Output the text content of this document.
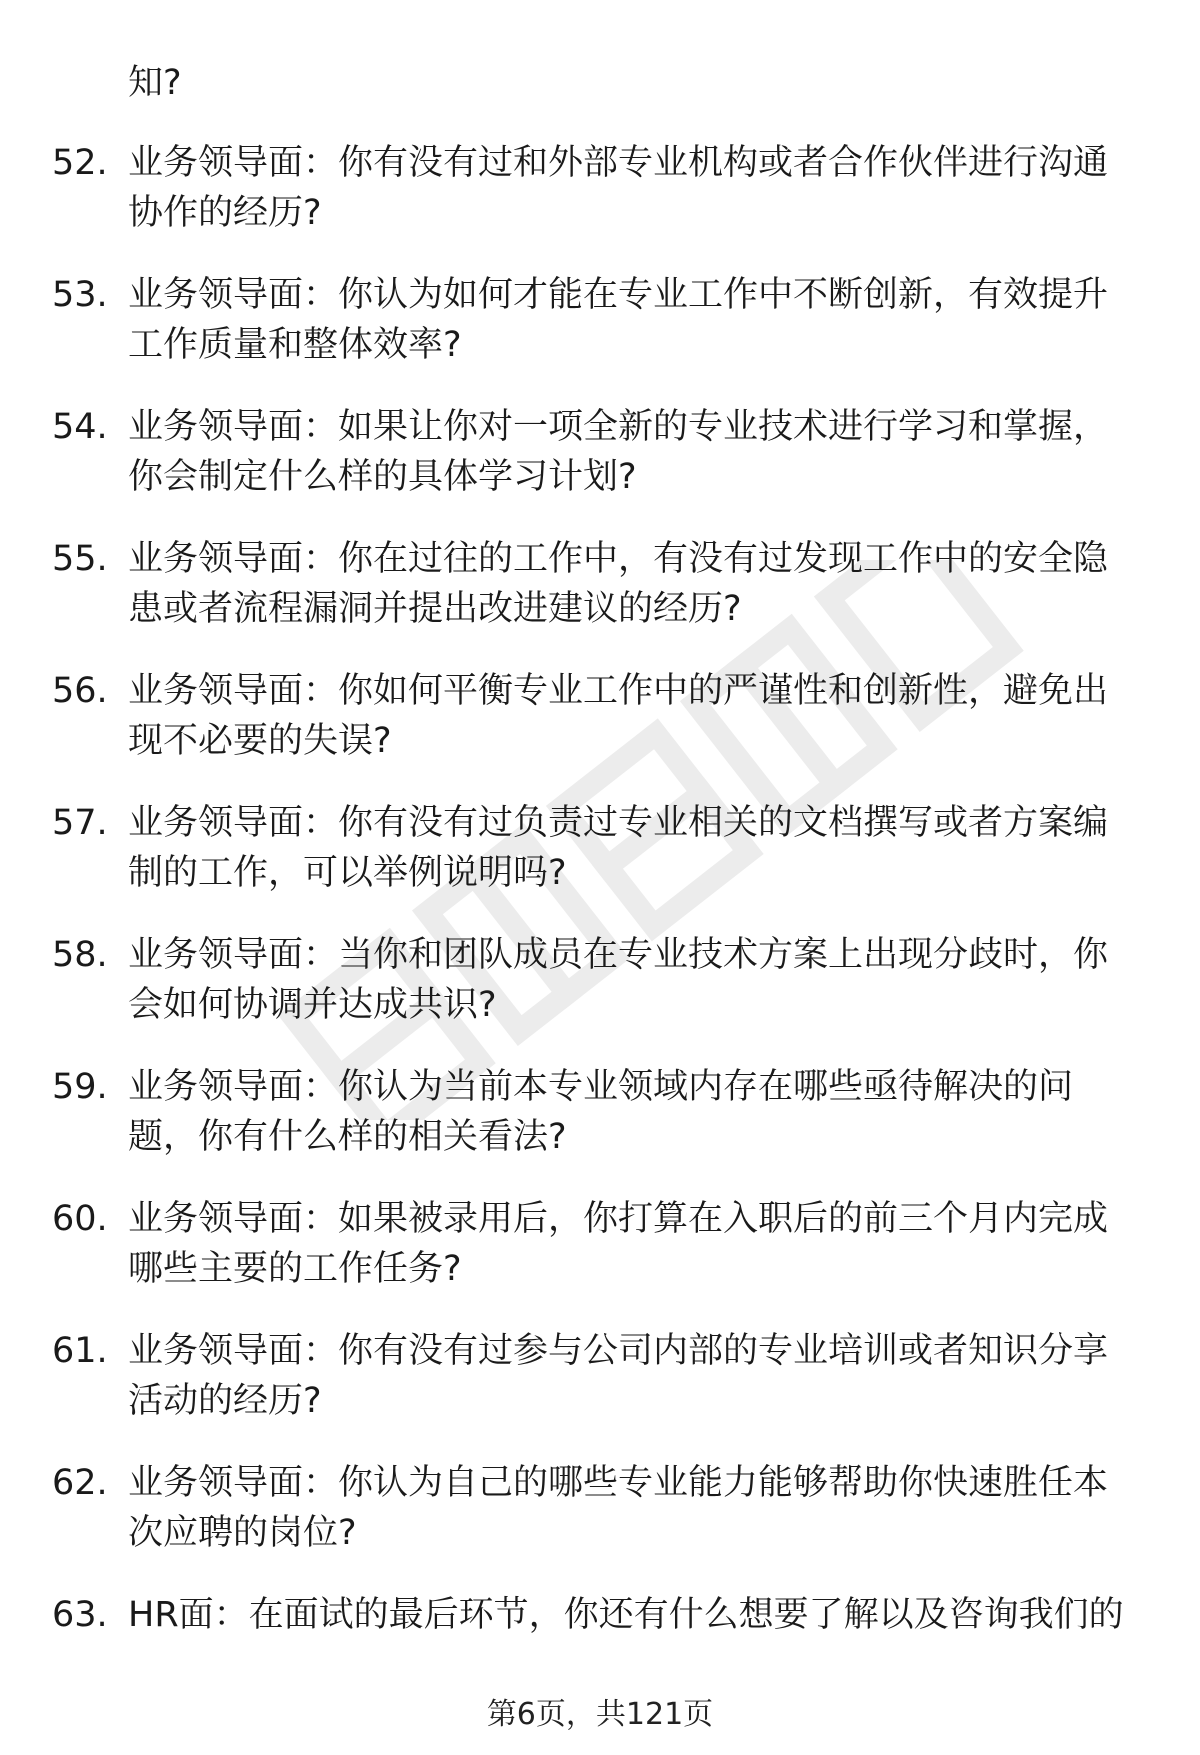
知?
52. 业务领导面：你有没有过和外部专业机构或者合作伙伴进行沟通协作的经历?
53. 业务领导面：你认为如何才能在专业工作中不断创新，有效提升工作质量和整体效率?
54. 业务领导面：如果让你对一项全新的专业技术进行学习和掌握，你会制定什么样的具体学习计划?
55. 业务领导面：你在过往的工作中，有没有过发现工作中的安全隐患或者流程漏洞并提出改进建议的经历?
56. 业务领导面：你如何平衡专业工作中的严谨性和创新性，避免出现不必要的失误?
57. 业务领导面：你有没有过负责过专业相关的文档撰写或者方案编制的工作，可以举例说明吗?
58. 业务领导面：当你和团队成员在专业技术方案上出现分歧时，你会如何协调并达成共识?
59. 业务领导面：你认为当前本专业领域内存在哪些亟待解决的问题，你有什么样的相关看法?
60. 业务领导面：如果被录用后，你打算在入职后的前三个月内完成哪些主要的工作任务?
61. 业务领导面：你有没有过参与公司内部的专业培训或者知识分享活动的经历?
62. 业务领导面：你认为自己的哪些专业能力能够帮助你快速胜任本次应聘的岗位?
63. HR面：在面试的最后环节，你还有什么想要了解以及咨询我们的
第6页，共121页
